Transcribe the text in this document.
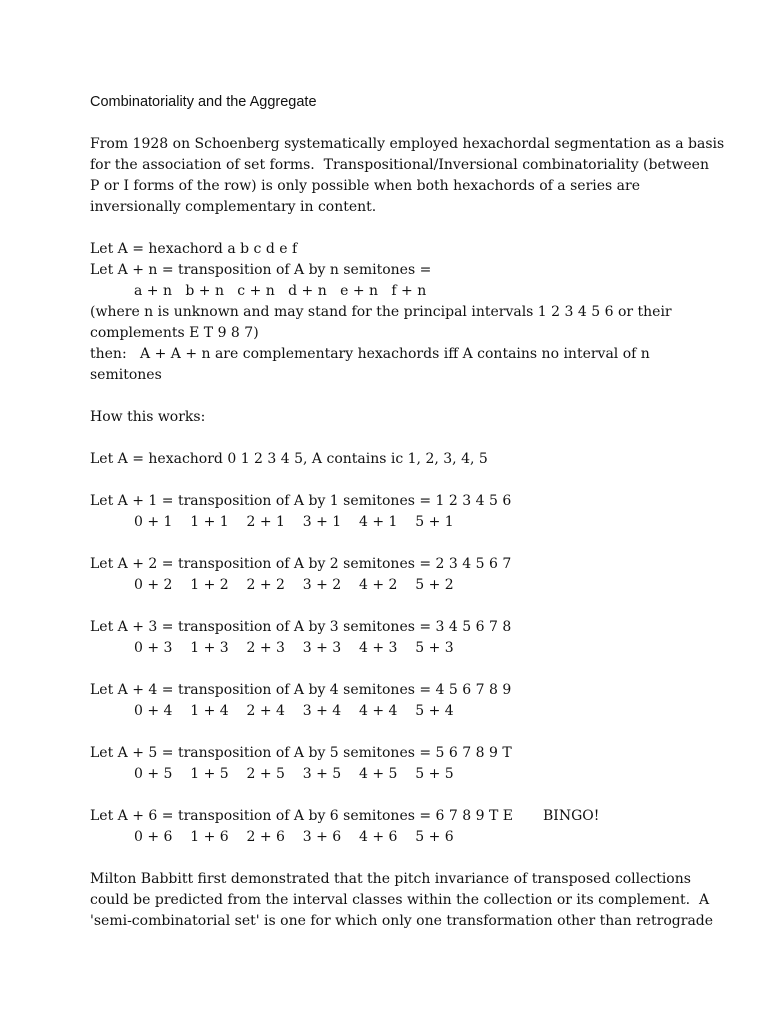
Combinatoriality and the Aggregate

From 1928 on Schoenberg systematically employed hexachordal segmentation as a basis

for the association of set forms.  Transpositional/Inversional combinatoriality (between

P or I forms of the row) is only possible when both hexachords of a series are

inversionally complementary in content.

Let A = hexachord a b c d e f

Let A + n = transposition of A by n semitones =

a + n   b + n   c + n   d + n   e + n   f + n

(where n is unknown and may stand for the principal intervals 1 2 3 4 5 6 or their

complements E T 9 8 7)

then:   A + A + n are complementary hexachords iff A contains no interval of n

semitones

How this works:

Let A = hexachord 0 1 2 3 4 5, A contains ic 1, 2, 3, 4, 5

Let A + 1 = transposition of A by 1 semitones = 1 2 3 4 5 6

0 + 1    1 + 1    2 + 1    3 + 1    4 + 1    5 + 1

Let A + 2 = transposition of A by 2 semitones = 2 3 4 5 6 7

0 + 2    1 + 2    2 + 2    3 + 2    4 + 2    5 + 2

Let A + 3 = transposition of A by 3 semitones = 3 4 5 6 7 8

0 + 3    1 + 3    2 + 3    3 + 3    4 + 3    5 + 3

Let A + 4 = transposition of A by 4 semitones = 4 5 6 7 8 9

0 + 4    1 + 4    2 + 4    3 + 4    4 + 4    5 + 4

Let A + 5 = transposition of A by 5 semitones = 5 6 7 8 9 T

0 + 5    1 + 5    2 + 5    3 + 5    4 + 5    5 + 5

Let A + 6 = transposition of A by 6 semitones = 6 7 8 9 T E BINGO!

0 + 6    1 + 6    2 + 6    3 + 6    4 + 6    5 + 6

Milton Babbitt first demonstrated that the pitch invariance of transposed collections

could be predicted from the interval classes within the collection or its complement.  A

'semi-combinatorial set' is one for which only one transformation other than retrograde
